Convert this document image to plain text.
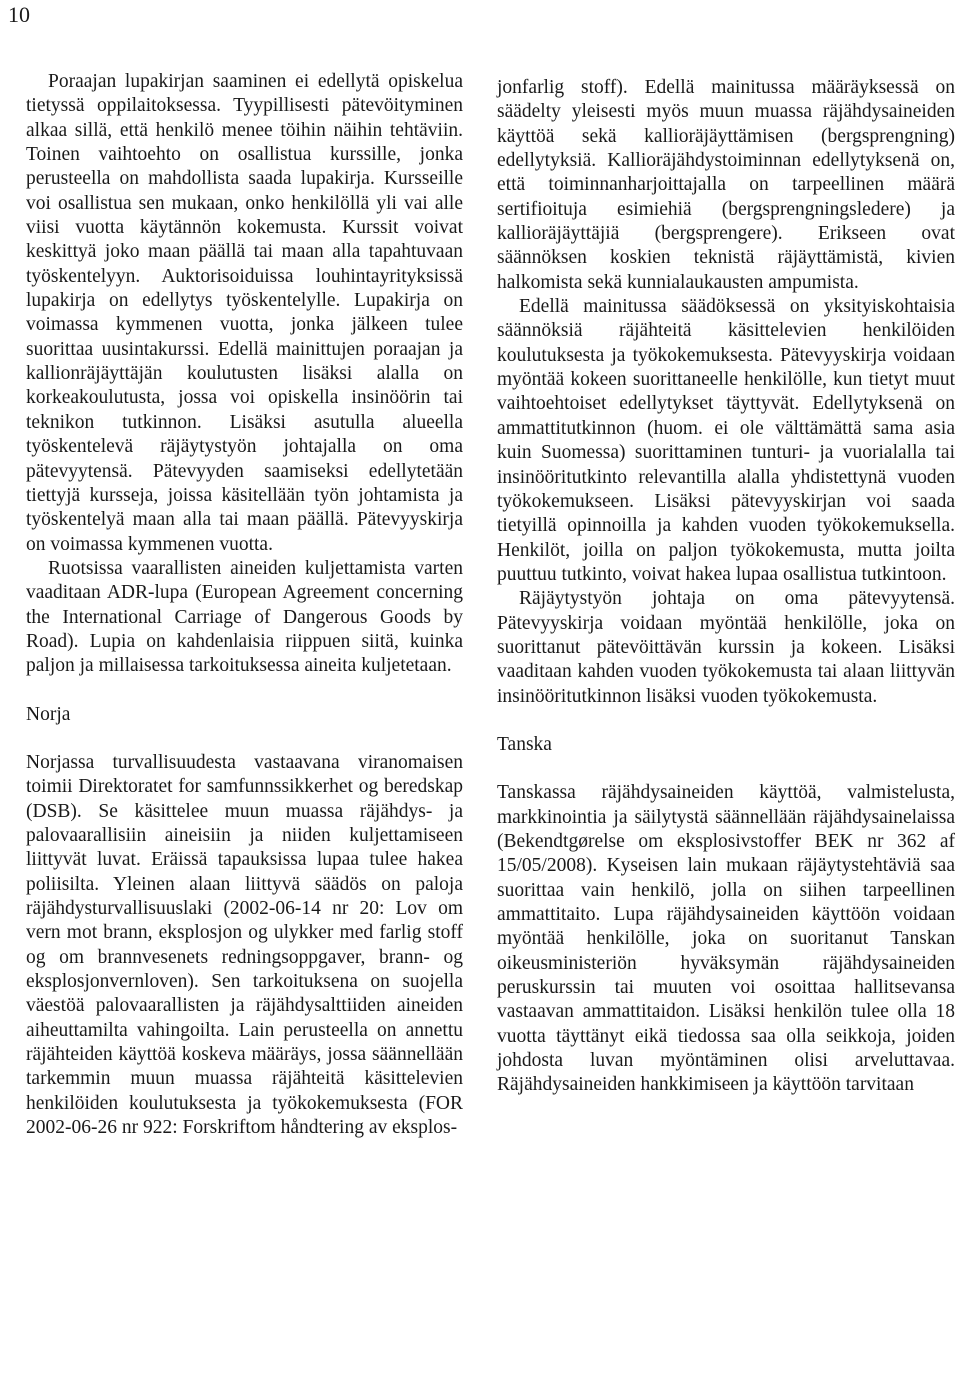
10

Poraajan lupakirjan saaminen ei edellytä opiskelua tietyssä oppilaitoksessa. Tyypillisesti pätevöityminen alkaa sillä, että henkilö menee töihin näihin tehtäviin. Toinen vaihtoehto on osallistua kurssille, jonka perusteella on mahdollista saada lupakirja. Kursseille voi osallistua sen mukaan, onko henkilöllä yli vai alle viisi vuotta käytännön kokemusta. Kurssit voivat keskittyä joko maan päällä tai maan alla tapahtuvaan työskentelyyn. Auktorisoiduissa louhintayrityksissä lupakirja on edellytys työskentelylle. Lupakirja on voimassa kymmenen vuotta, jonka jälkeen tulee suorittaa uusintakurssi. Edellä mainittujen poraajan ja kallionräjäyttäjän koulutusten lisäksi alalla on korkeakoulutusta, jossa voi opiskella insinöörin tai teknikon tutkinnon. Lisäksi asutulla alueella työskentelevä räjäytystyön johtajalla on oma pätevyytensä. Pätevyyden saamiseksi edellytetään tiettyjä kursseja, joissa käsitellään työn johtamista ja työskentelyä maan alla tai maan päällä. Pätevyyskirja on voimassa kymmenen vuotta.

Ruotsissa vaarallisten aineiden kuljettamista varten vaaditaan ADR-lupa (European Agreement concerning the International Carriage of Dangerous Goods by Road). Lupia on kahdenlaisia riippuen siitä, kuinka paljon ja millaisessa tarkoituksessa aineita kuljetetaan.

Norja

Norjassa turvallisuudesta vastaavana viranomaisen toimii Direktoratet for samfunnssikkerhet og beredskap (DSB). Se käsittelee muun muassa räjähdys- ja palovaarallisiin aineisiin ja niiden kuljettamiseen liittyvät luvat. Eräissä tapauksissa lupaa tulee hakea poliisilta. Yleinen alaan liittyvä säädös on paloja räjähdysturvallisuuslaki (2002-06-14 nr 20: Lov om vern mot brann, eksplosjon og ulykker med farlig stoff og om brannvesenets redningsoppgaver, brann- og eksplosjonvernloven). Sen tarkoituksena on suojella väestöä palovaarallisten ja räjähdysalttiiden aineiden aiheuttamilta vahingoilta. Lain perusteella on annettu räjähteiden käyttöä koskeva määräys, jossa säännellään tarkemmin muun muassa räjähteitä käsittelevien henkilöiden koulutuksesta ja työkokemuksesta (FOR 2002-06-26 nr 922: Forskriftom håndtering av eksplos-

jonfarlig stoff). Edellä mainitussa määräyksessä on säädelty yleisesti myös muun muassa räjähdysaineiden käyttöä sekä kallioräjäyttämisen (bergsprengning) edellytyksiä. Kallioräjähdystoiminnan edellytyksenä on, että toiminnanharjoittajalla on tarpeellinen määrä sertifioituja esimiehiä (bergsprengningsledere) ja kallioräjäyttäjiä (bergsprengere). Erikseen ovat säännöksen koskien teknistä räjäyttämistä, kivien halkomista sekä kunnialaukausten ampumista.

Edellä mainitussa säädöksessä on yksityiskohtaisia säännöksiä räjähteitä käsittelevien henkilöiden koulutuksesta ja työkokemuksesta. Pätevyyskirja voidaan myöntää kokeen suorittaneelle henkilölle, kun tietyt muut vaihtoehtoiset edellytykset täyttyvät. Edellytyksenä on ammattitutkinnon (huom. ei ole välttämättä sama asia kuin Suomessa) suorittaminen tunturi- ja vuorialalla tai insinööritutkinto relevantilla alalla yhdistettynä vuoden työkokemukseen. Lisäksi pätevyyskirjan voi saada tietyillä opinnoilla ja kahden vuoden työkokemuksella. Henkilöt, joilla on paljon työkokemusta, mutta joilta puuttuu tutkinto, voivat hakea lupaa osallistua tutkintoon.

Räjäytystyön johtaja on oma pätevyytensä. Pätevyyskirja voidaan myöntää henkilölle, joka on suorittanut pätevöittävän kurssin ja kokeen. Lisäksi vaaditaan kahden vuoden työkokemusta tai alaan liittyvän insinööritutkinnon lisäksi vuoden työkokemusta.

Tanska

Tanskassa räjähdysaineiden käyttöä, valmistelusta, markkinointia ja säilytystä säännellään räjähdysainelaissa (Bekendtgørelse om eksplosivstoffer BEK nr 362 af 15/05/2008). Kyseisen lain mukaan räjäytystehtäviä saa suorittaa vain henkilö, jolla on siihen tarpeellinen ammattitaito. Lupa räjähdysaineiden käyttöön voidaan myöntää henkilölle, joka on suoritanut Tanskan oikeusministeriön hyväksymän räjähdysaineiden peruskurssin tai muuten voi osoittaa hallitsevansa vastaavan ammattitaidon. Lisäksi henkilön tulee olla 18 vuotta täyttänyt eikä tiedossa saa olla seikkoja, joiden johdosta luvan myöntäminen olisi arveluttavaa. Räjähdysaineiden hankkimiseen ja käyttöön tarvitaan
